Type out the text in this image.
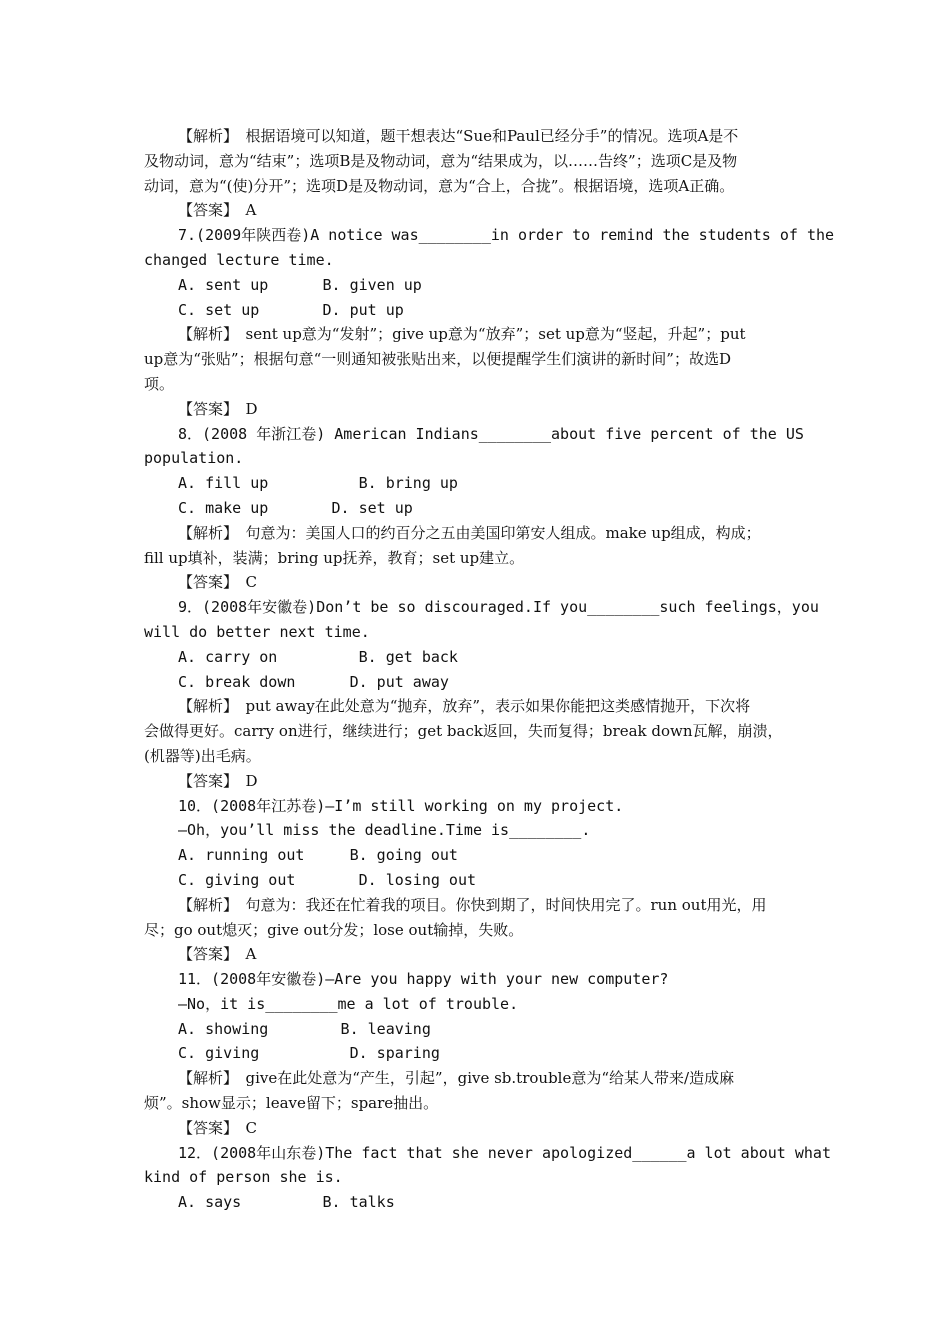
【解析】　根据语境可以知道，题干想表达“Sue和Paul已经分手”的情况。选项A是不
及物动词，意为“结束”；选项B是及物动词，意为“结果成为，以……告终”；选项C是及物
动词，意为“(使)分开”；选项D是及物动词，意为“合上，合拢”。根据语境，选项A正确。
【答案】　A
7.(2009年陕西卷)A notice was________in order to remind the students of the
changed lecture time.
A. sent up      B. given up
C. set up       D. put up
【解析】　sent up意为“发射”；give up意为“放弃”；set up意为“竖起，升起”；put
up意为“张贴”；根据句意“一则通知被张贴出来，以便提醒学生们演讲的新时间”；故选D
项。
【答案】　D
8．(2008 年浙江卷) American Indians________about five percent of the US
population.
A. fill up          B. bring up
C. make up       D. set up
【解析】　句意为：美国人口的约百分之五由美国印第安人组成。make up组成，构成；
fill up填补，装满；bring up抚养，教育；set up建立。
【答案】　C
9．(2008年安徽卷)Don’t be so discouraged.If you________such feelings，you
will do better next time.
A. carry on         B. get back
C. break down      D. put away
【解析】　put away在此处意为“抛弃，放弃”，表示如果你能把这类感情抛开，下次将
会做得更好。carry on进行，继续进行；get back返回，失而复得；break down瓦解，崩溃，
(机器等)出毛病。
【答案】　D
10．(2008年江苏卷)—I’m still working on my project.
—Oh，you’ll miss the deadline.Time is________.
A. running out     B. going out
C. giving out       D. losing out
【解析】　句意为：我还在忙着我的项目。你快到期了，时间快用完了。run out用光，用
尽；go out熄灭；give out分发；lose out输掉，失败。
【答案】　A
11．(2008年安徽卷)—Are you happy with your new computer?
—No，it is________me a lot of trouble.
A. showing        B. leaving
C. giving          D. sparing
【解析】　give在此处意为“产生，引起”，give sb.trouble意为“给某人带来/造成麻
烦”。show显示；leave留下；spare抽出。
【答案】　C
12．(2008年山东卷)The fact that she never apologized______a lot about what
kind of person she is.
A. says         B. talks
